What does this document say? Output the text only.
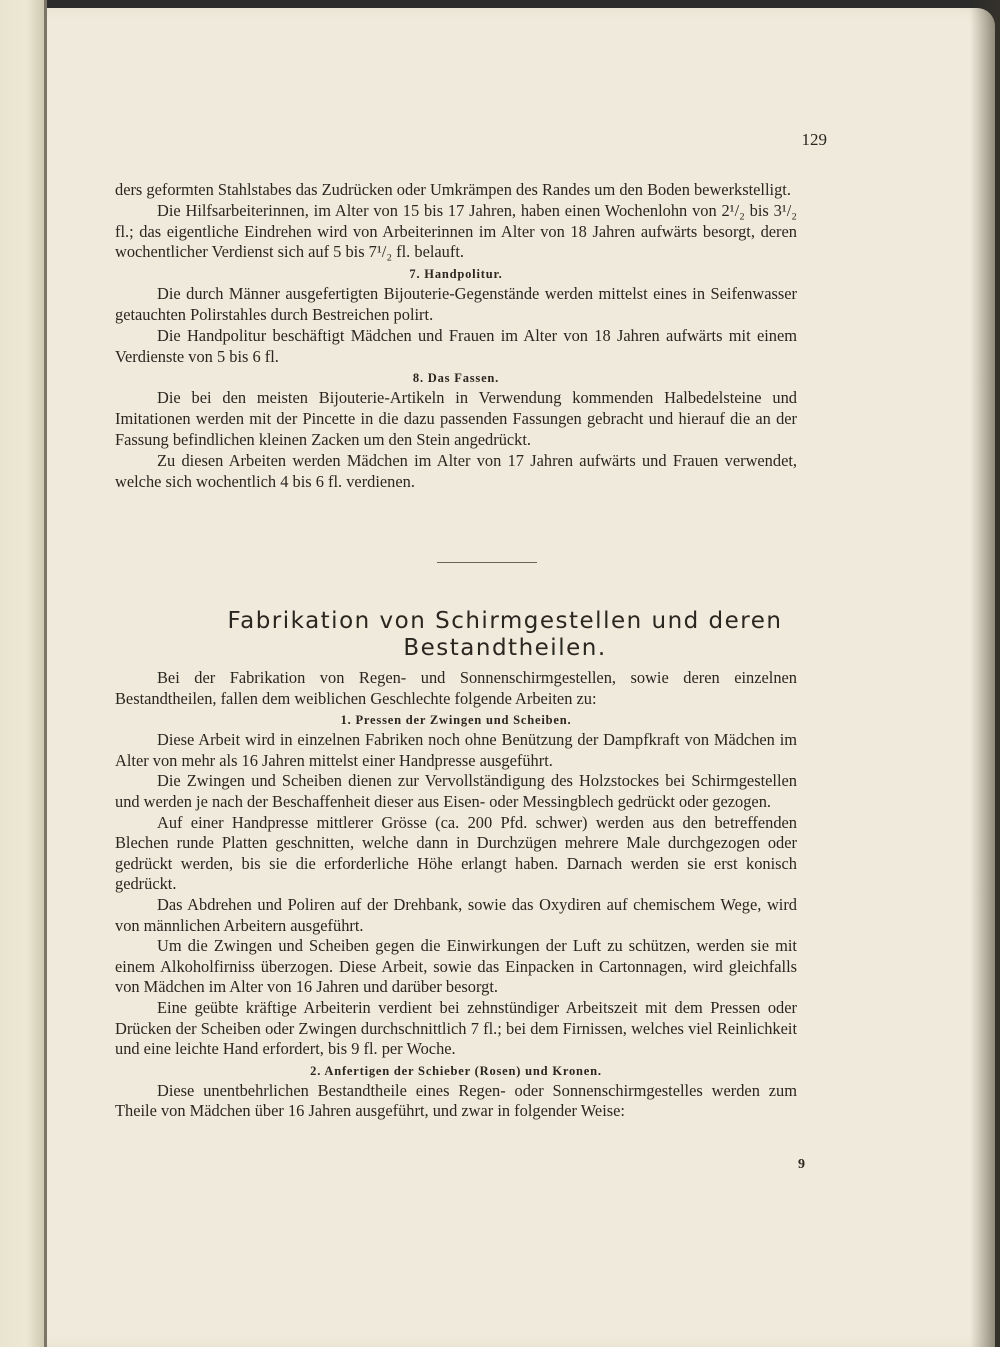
129

ders geformten Stahlstabes das Zudrücken oder Umkrämpen des Randes um den Boden bewerkstelligt.

Die Hilfsarbeiterinnen, im Alter von 15 bis 17 Jahren, haben einen Wochenlohn von 2¹/₂ bis 3¹/₂ fl.; das eigentliche Eindrehen wird von Arbeiterinnen im Alter von 18 Jahren aufwärts besorgt, deren wochentlicher Verdienst sich auf 5 bis 7¹/₂ fl. belauft.

7. Handpolitur.

Die durch Männer ausgefertigten Bijouterie-Gegenstände werden mittelst eines in Seifenwasser getauchten Polirstahles durch Bestreichen polirt.

Die Handpolitur beschäftigt Mädchen und Frauen im Alter von 18 Jahren aufwärts mit einem Verdienste von 5 bis 6 fl.

8. Das Fassen.

Die bei den meisten Bijouterie-Artikeln in Verwendung kommenden Halbedelsteine und Imitationen werden mit der Pincette in die dazu passenden Fassungen gebracht und hierauf die an der Fassung befindlichen kleinen Zacken um den Stein angedrückt.

Zu diesen Arbeiten werden Mädchen im Alter von 17 Jahren aufwärts und Frauen verwendet, welche sich wochentlich 4 bis 6 fl. verdienen.

Fabrikation von Schirmgestellen und deren
Bestandtheilen.

Bei der Fabrikation von Regen- und Sonnenschirmgestellen, sowie deren einzelnen Bestandtheilen, fallen dem weiblichen Geschlechte folgende Arbeiten zu:

1. Pressen der Zwingen und Scheiben.

Diese Arbeit wird in einzelnen Fabriken noch ohne Benützung der Dampfkraft von Mädchen im Alter von mehr als 16 Jahren mittelst einer Handpresse ausgeführt.

Die Zwingen und Scheiben dienen zur Vervollständigung des Holzstockes bei Schirmgestellen und werden je nach der Beschaffenheit dieser aus Eisen- oder Messingblech gedrückt oder gezogen.

Auf einer Handpresse mittlerer Grösse (ca. 200 Pfd. schwer) werden aus den betreffenden Blechen runde Platten geschnitten, welche dann in Durchzügen mehrere Male durchgezogen oder gedrückt werden, bis sie die erforderliche Höhe erlangt haben. Darnach werden sie erst konisch gedrückt.

Das Abdrehen und Poliren auf der Drehbank, sowie das Oxydiren auf chemischem Wege, wird von männlichen Arbeitern ausgeführt.

Um die Zwingen und Scheiben gegen die Einwirkungen der Luft zu schützen, werden sie mit einem Alkoholfirniss überzogen. Diese Arbeit, sowie das Einpacken in Cartonnagen, wird gleichfalls von Mädchen im Alter von 16 Jahren und darüber besorgt.

Eine geübte kräftige Arbeiterin verdient bei zehnstündiger Arbeitszeit mit dem Pressen oder Drücken der Scheiben oder Zwingen durchschnittlich 7 fl.; bei dem Firnissen, welches viel Reinlichkeit und eine leichte Hand erfordert, bis 9 fl. per Woche.

2. Anfertigen der Schieber (Rosen) und Kronen.

Diese unentbehrlichen Bestandtheile eines Regen- oder Sonnenschirmgestelles werden zum Theile von Mädchen über 16 Jahren ausgeführt, und zwar in folgender Weise:

9
